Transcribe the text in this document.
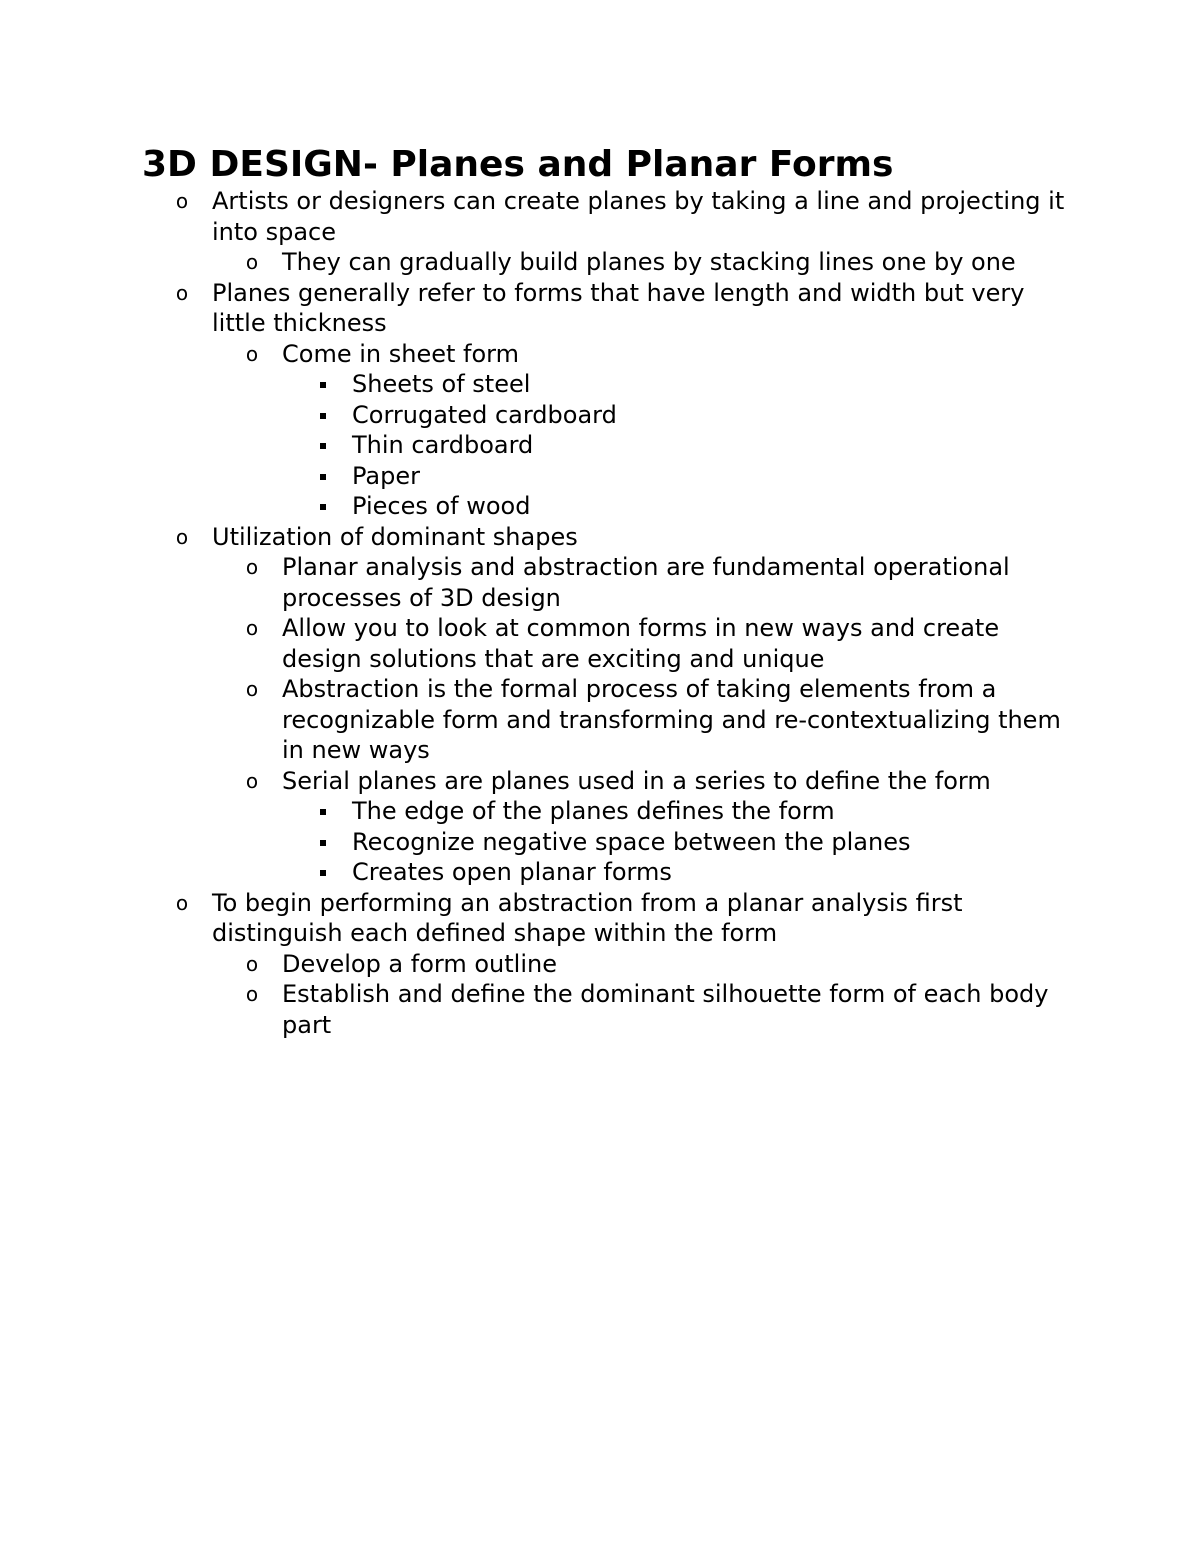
3D DESIGN- Planes and Planar Forms
o Artists or designers can create planes by taking a line and projecting it into space
o They can gradually build planes by stacking lines one by one
o Planes generally refer to forms that have length and width but very little thickness
o Come in sheet form
Sheets of steel
Corrugated cardboard
Thin cardboard
Paper
Pieces of wood
o Utilization of dominant shapes
o Planar analysis and abstraction are fundamental operational processes of 3D design
o Allow you to look at common forms in new ways and create design solutions that are exciting and unique
o Abstraction is the formal process of taking elements from a recognizable form and transforming and re-contextualizing them in new ways
o Serial planes are planes used in a series to define the form
The edge of the planes defines the form
Recognize negative space between the planes
Creates open planar forms
o To begin performing an abstraction from a planar analysis first distinguish each defined shape within the form
o Develop a form outline
o Establish and define the dominant silhouette form of each body part
